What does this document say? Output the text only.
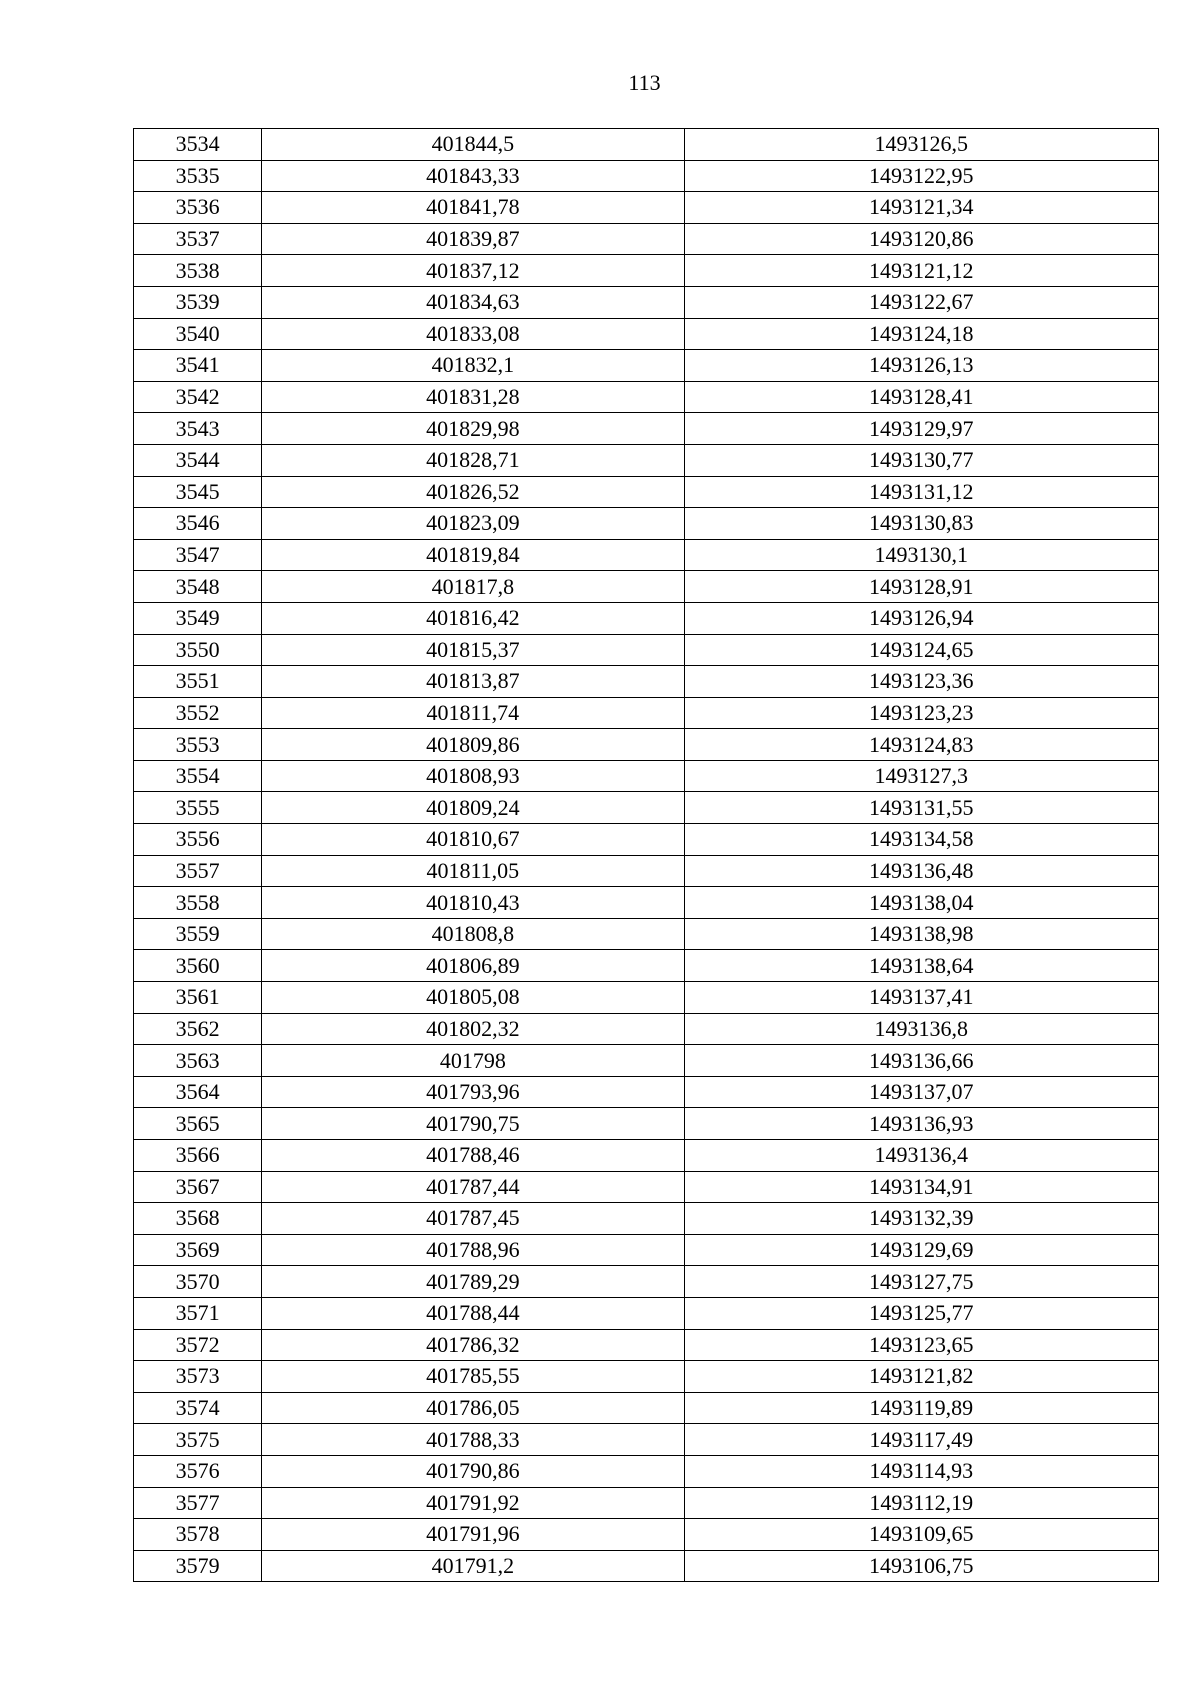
113
3534	401844,5	1493126,5
3535	401843,33	1493122,95
3536	401841,78	1493121,34
3537	401839,87	1493120,86
3538	401837,12	1493121,12
3539	401834,63	1493122,67
3540	401833,08	1493124,18
3541	401832,1	1493126,13
3542	401831,28	1493128,41
3543	401829,98	1493129,97
3544	401828,71	1493130,77
3545	401826,52	1493131,12
3546	401823,09	1493130,83
3547	401819,84	1493130,1
3548	401817,8	1493128,91
3549	401816,42	1493126,94
3550	401815,37	1493124,65
3551	401813,87	1493123,36
3552	401811,74	1493123,23
3553	401809,86	1493124,83
3554	401808,93	1493127,3
3555	401809,24	1493131,55
3556	401810,67	1493134,58
3557	401811,05	1493136,48
3558	401810,43	1493138,04
3559	401808,8	1493138,98
3560	401806,89	1493138,64
3561	401805,08	1493137,41
3562	401802,32	1493136,8
3563	401798	1493136,66
3564	401793,96	1493137,07
3565	401790,75	1493136,93
3566	401788,46	1493136,4
3567	401787,44	1493134,91
3568	401787,45	1493132,39
3569	401788,96	1493129,69
3570	401789,29	1493127,75
3571	401788,44	1493125,77
3572	401786,32	1493123,65
3573	401785,55	1493121,82
3574	401786,05	1493119,89
3575	401788,33	1493117,49
3576	401790,86	1493114,93
3577	401791,92	1493112,19
3578	401791,96	1493109,65
3579	401791,2	1493106,75
